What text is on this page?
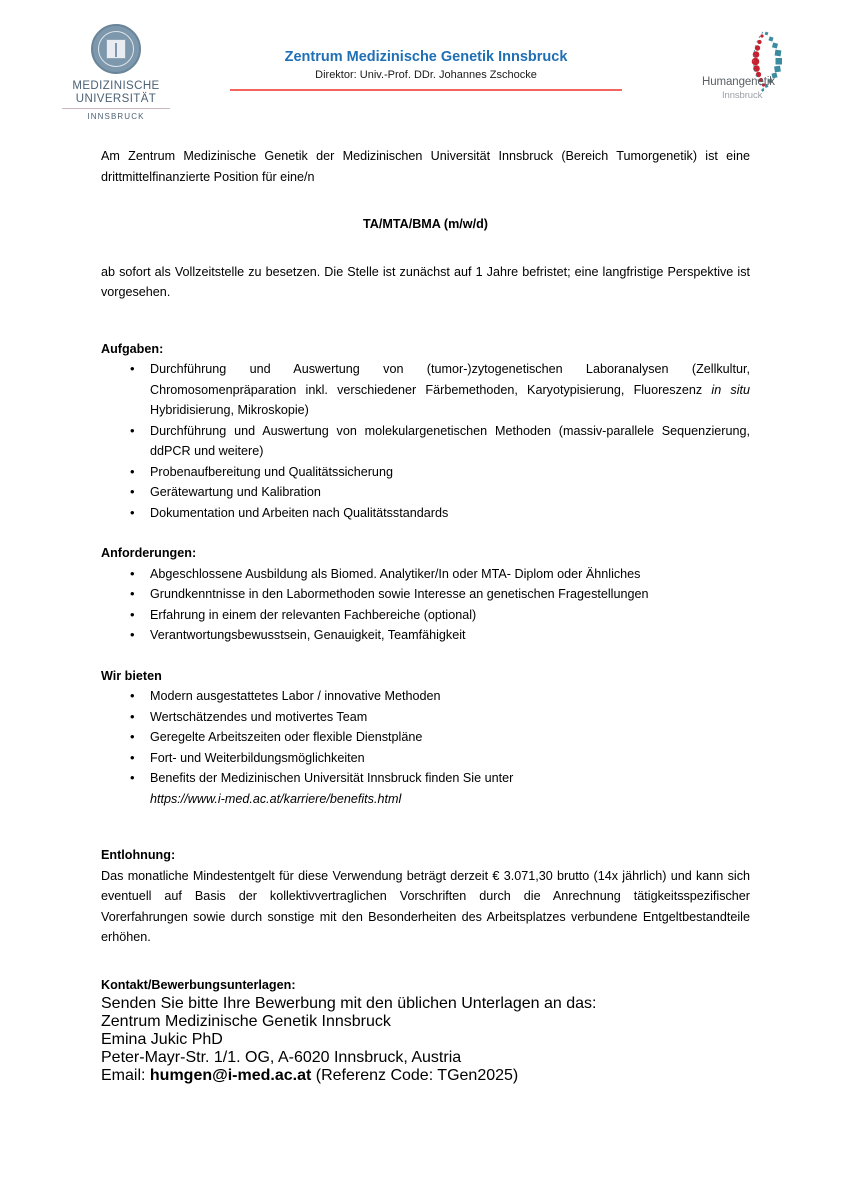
MEDIZINISCHE
UNIVERSITÄT
INNSBRUCK
Zentrum Medizinische Genetik Innsbruck
Direktor: Univ.-Prof. DDr. Johannes Zschocke
Humangenetik
Innsbruck

Am Zentrum Medizinische Genetik der Medizinischen Universität Innsbruck (Bereich Tumorgenetik) ist eine drittmittelfinanzierte Position für eine/n

TA/MTA/BMA (m/w/d)

ab sofort als Vollzeitstelle zu besetzen. Die Stelle ist zunächst auf 1 Jahre befristet; eine langfristige Perspektive ist vorgesehen.

Aufgaben:
• Durchführung und Auswertung von (tumor-)zytogenetischen Laboranalysen (Zellkultur, Chromosomenpräparation inkl. verschiedener Färbemethoden, Karyotypisierung, Fluoreszenz in situ Hybridisierung, Mikroskopie)
• Durchführung und Auswertung von molekulargenetischen Methoden (massiv-parallele Sequenzierung, ddPCR und weitere)
• Probenaufbereitung und Qualitätssicherung
• Gerätewartung und Kalibration
• Dokumentation und Arbeiten nach Qualitätsstandards
Anforderungen:
• Abgeschlossene Ausbildung als Biomed. Analytiker/In oder MTA- Diplom oder Ähnliches
• Grundkenntnisse in den Labormethoden sowie Interesse an genetischen Fragestellungen
• Erfahrung in einem der relevanten Fachbereiche (optional)
• Verantwortungsbewusstsein, Genauigkeit, Teamfähigkeit
Wir bieten
• Modern ausgestattetes Labor / innovative Methoden
• Wertschätzendes und motivertes Team
• Geregelte Arbeitszeiten oder flexible Dienstpläne
• Fort- und Weiterbildungsmöglichkeiten
• Benefits der Medizinischen Universität Innsbruck finden Sie unter
https://www.i-med.ac.at/karriere/benefits.html
Entlohnung:

Das monatliche Mindestentgelt für diese Verwendung beträgt derzeit € 3.071,30 brutto (14x jährlich) und kann sich eventuell auf Basis der kollektivvertraglichen Vorschriften durch die Anrechnung tätigkeitsspezifischer Vorerfahrungen sowie durch sonstige mit den Besonderheiten des Arbeitsplatzes verbundene Entgeltbestandteile erhöhen.

Kontakt/Bewerbungsunterlagen:
Senden Sie bitte Ihre Bewerbung mit den üblichen Unterlagen an das:
Zentrum Medizinische Genetik Innsbruck
Emina Jukic PhD
Peter-Mayr-Str. 1/1. OG, A-6020 Innsbruck, Austria
Email: humgen@i-med.ac.at (Referenz Code: TGen2025)
